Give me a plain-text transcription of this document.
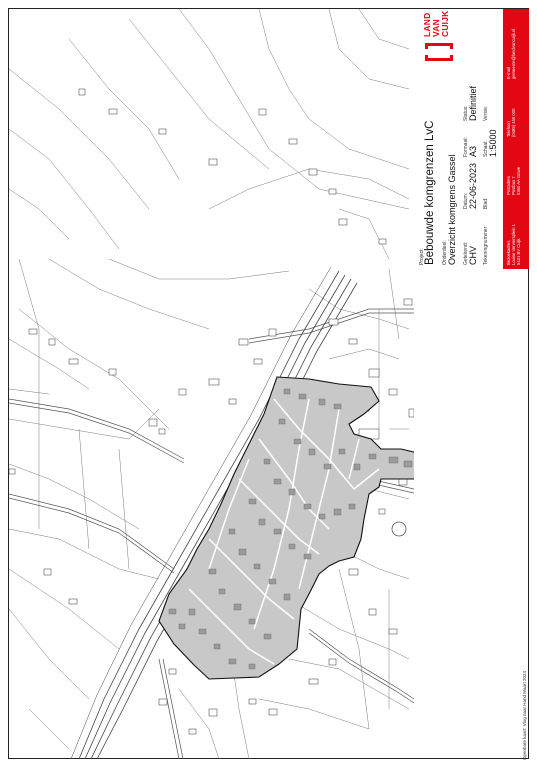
Project: Bebouwde komgrenzen LvC Onderdeel: Overzicht komgrens Gassel Getekend: CHV
Datum: 22-06-2023
Formaat: A3
Status: Definitief
Tekeningnummer:
Blad:
Schaal: 1:5000
Versie:
LAND VAN CUIJK
Bezoekadres Louise Verwersplein 1 5431 BV Cuijk
Postadres Postbus 7 5360 AA Grave
Telefoon (0485) 450 000
E-mail gemeente@landvancuijk.nl
Openbare kaart: Vlog naar Hand Maart 2024
